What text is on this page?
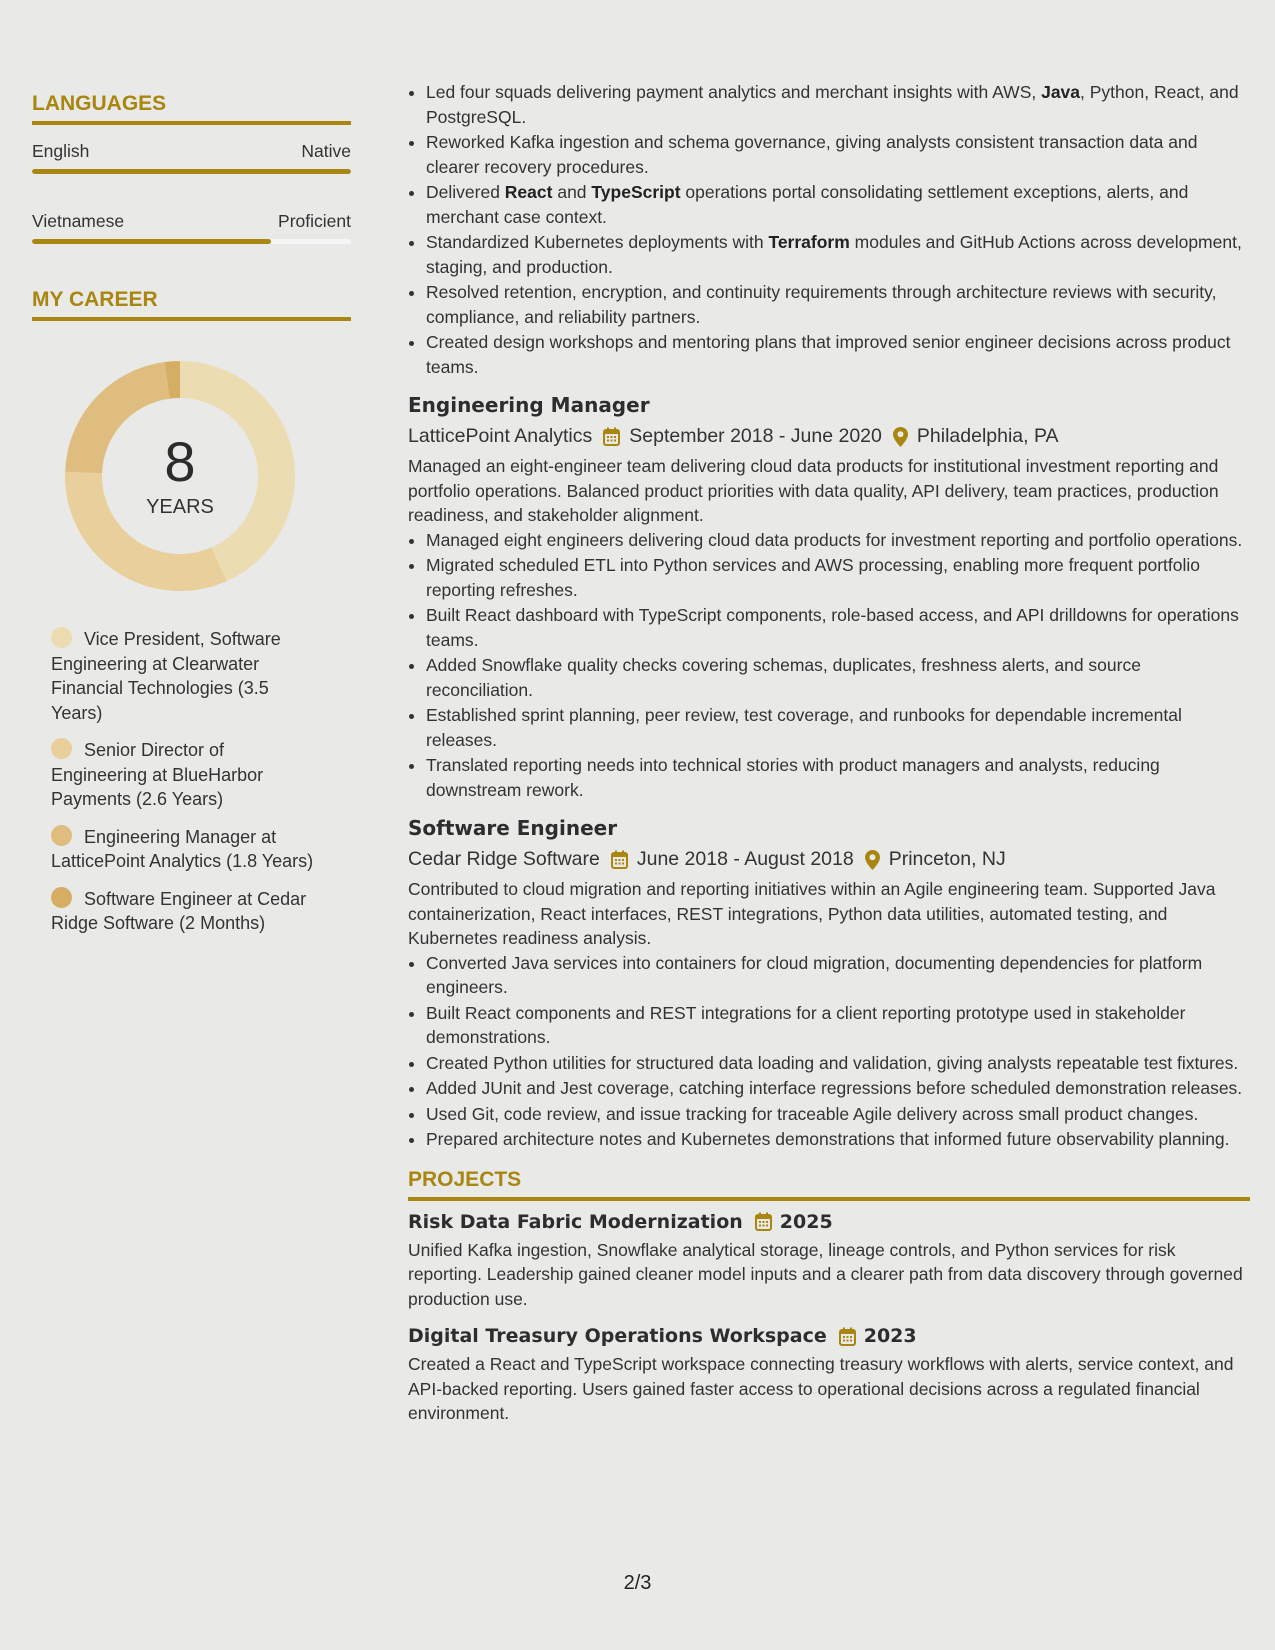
LANGUAGES
English	Native
Vietnamese	Proficient
MY CAREER
8
YEARS
Vice President, Software Engineering at Clearwater Financial Technologies (3.5 Years)
Senior Director of Engineering at BlueHarbor Payments (2.6 Years)
Engineering Manager at LatticePoint Analytics (1.8 Years)
Software Engineer at Cedar Ridge Software (2 Months)
• Led four squads delivering payment analytics and merchant insights with AWS, Java, Python, React, and PostgreSQL.
• Reworked Kafka ingestion and schema governance, giving analysts consistent transaction data and clearer recovery procedures.
• Delivered React and TypeScript operations portal consolidating settlement exceptions, alerts, and merchant case context.
• Standardized Kubernetes deployments with Terraform modules and GitHub Actions across development, staging, and production.
• Resolved retention, encryption, and continuity requirements through architecture reviews with security, compliance, and reliability partners.
• Created design workshops and mentoring plans that improved senior engineer decisions across product teams.
Engineering Manager
LatticePoint Analytics September 2018 - June 2020 Philadelphia, PA

Managed an eight-engineer team delivering cloud data products for institutional investment reporting and portfolio operations. Balanced product priorities with data quality, API delivery, team practices, production readiness, and stakeholder alignment.

• Managed eight engineers delivering cloud data products for investment reporting and portfolio operations.
• Migrated scheduled ETL into Python services and AWS processing, enabling more frequent portfolio reporting refreshes.
• Built React dashboard with TypeScript components, role-based access, and API drilldowns for operations teams.
• Added Snowflake quality checks covering schemas, duplicates, freshness alerts, and source reconciliation.
• Established sprint planning, peer review, test coverage, and runbooks for dependable incremental releases.
• Translated reporting needs into technical stories with product managers and analysts, reducing downstream rework.
Software Engineer
Cedar Ridge Software June 2018 - August 2018 Princeton, NJ

Contributed to cloud migration and reporting initiatives within an Agile engineering team. Supported Java containerization, React interfaces, REST integrations, Python data utilities, automated testing, and Kubernetes readiness analysis.

• Converted Java services into containers for cloud migration, documenting dependencies for platform engineers.
• Built React components and REST integrations for a client reporting prototype used in stakeholder demonstrations.
• Created Python utilities for structured data loading and validation, giving analysts repeatable test fixtures.
• Added JUnit and Jest coverage, catching interface regressions before scheduled demonstration releases.
• Used Git, code review, and issue tracking for traceable Agile delivery across small product changes.
• Prepared architecture notes and Kubernetes demonstrations that informed future observability planning.
PROJECTS
Risk Data Fabric Modernization 2025

Unified Kafka ingestion, Snowflake analytical storage, lineage controls, and Python services for risk reporting. Leadership gained cleaner model inputs and a clearer path from data discovery through governed production use.

Digital Treasury Operations Workspace 2023

Created a React and TypeScript workspace connecting treasury workflows with alerts, service context, and API-backed reporting. Users gained faster access to operational decisions across a regulated financial environment.

2/3
